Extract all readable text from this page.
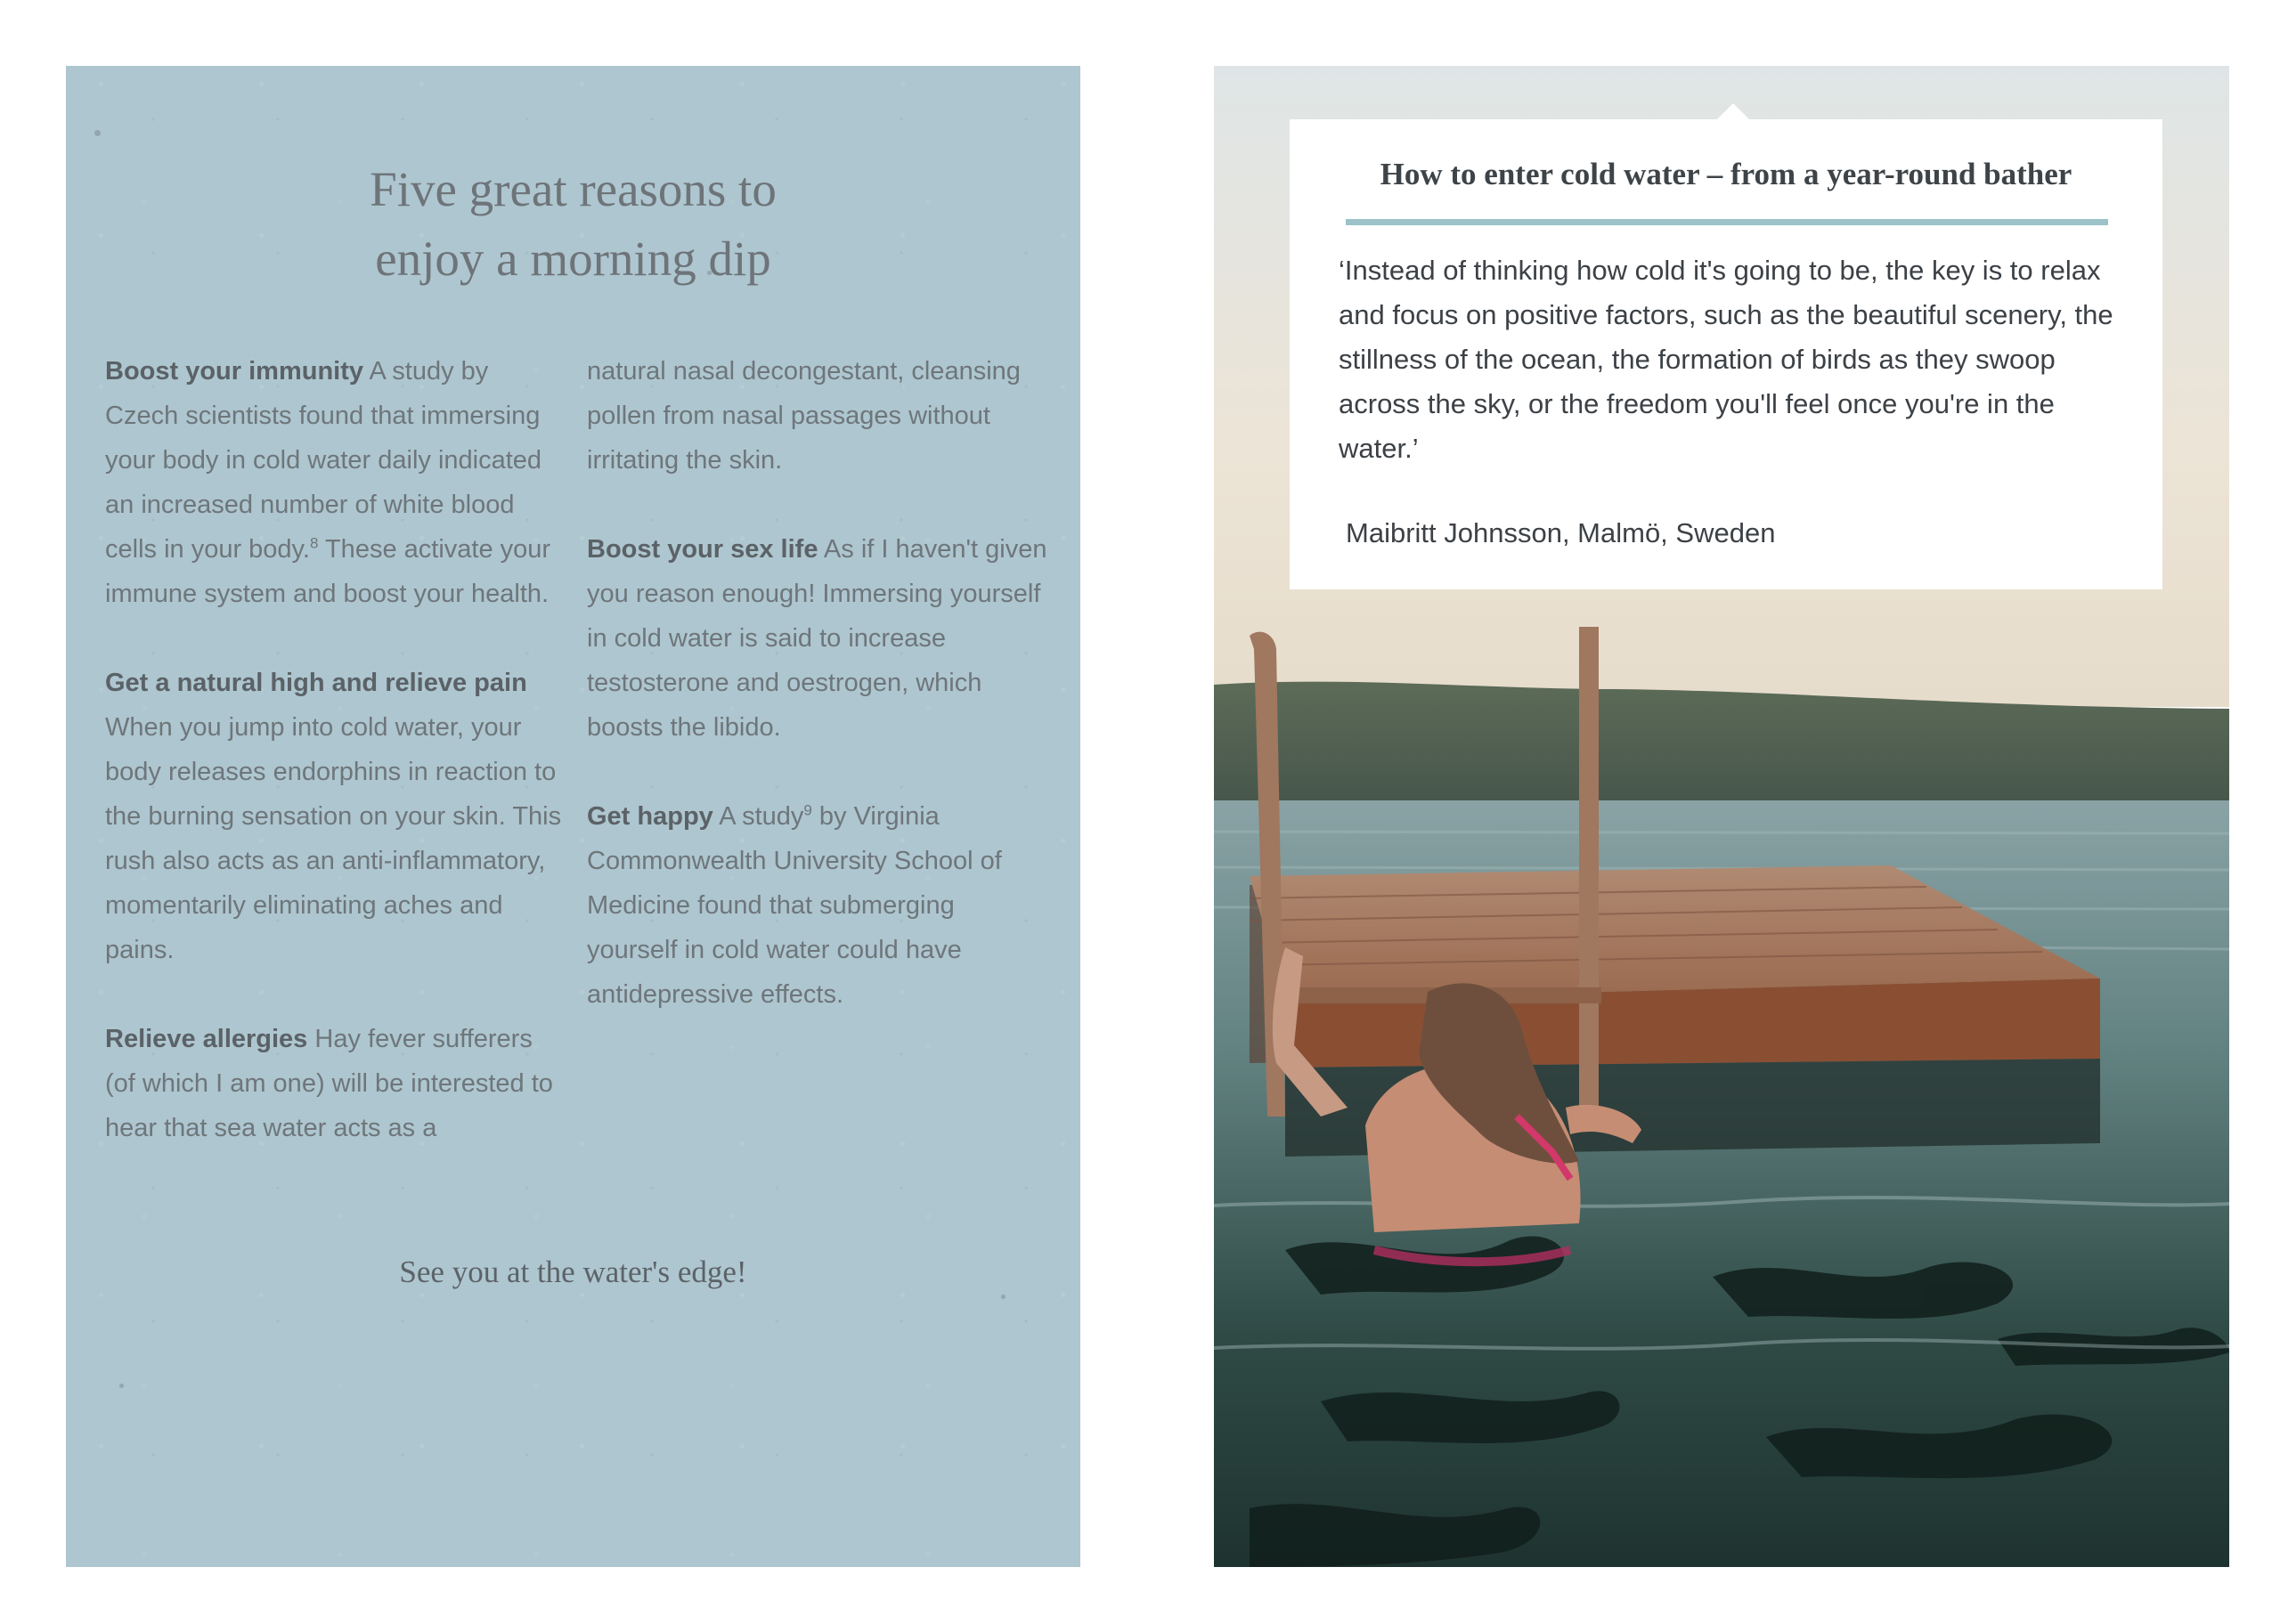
Five great reasons to
enjoy a morning dip

Boost your immunity A study by Czech scientists found that immersing your body in cold water daily indicated an increased number of white blood cells in your body.$^8$ These activate your immune system and boost your health.

Get a natural high and relieve pain When you jump into cold water, your body releases endorphins in reaction to the burning sensation on your skin. This rush also acts as an anti-inflammatory, momentarily eliminating aches and pains.

Relieve allergies Hay fever sufferers (of which I am one) will be interested to hear that sea water acts as a

natural nasal decongestant, cleansing pollen from nasal passages without irritating the skin.

Boost your sex life As if I haven't given you reason enough! Immersing yourself in cold water is said to increase testosterone and oestrogen, which boosts the libido.

Get happy A study$^9$ by Virginia Commonwealth University School of Medicine found that submerging yourself in cold water could have antidepressive effects.

See you at the water's edge!

How to enter cold water – from a year-round bather

‘Instead of thinking how cold it's going to be, the key is to relax and focus on positive factors, such as the beautiful scenery, the stillness of the ocean, the formation of birds as they swoop across the sky, or the freedom you'll feel once you're in the water.’

Maibritt Johnsson, Malmö, Sweden
